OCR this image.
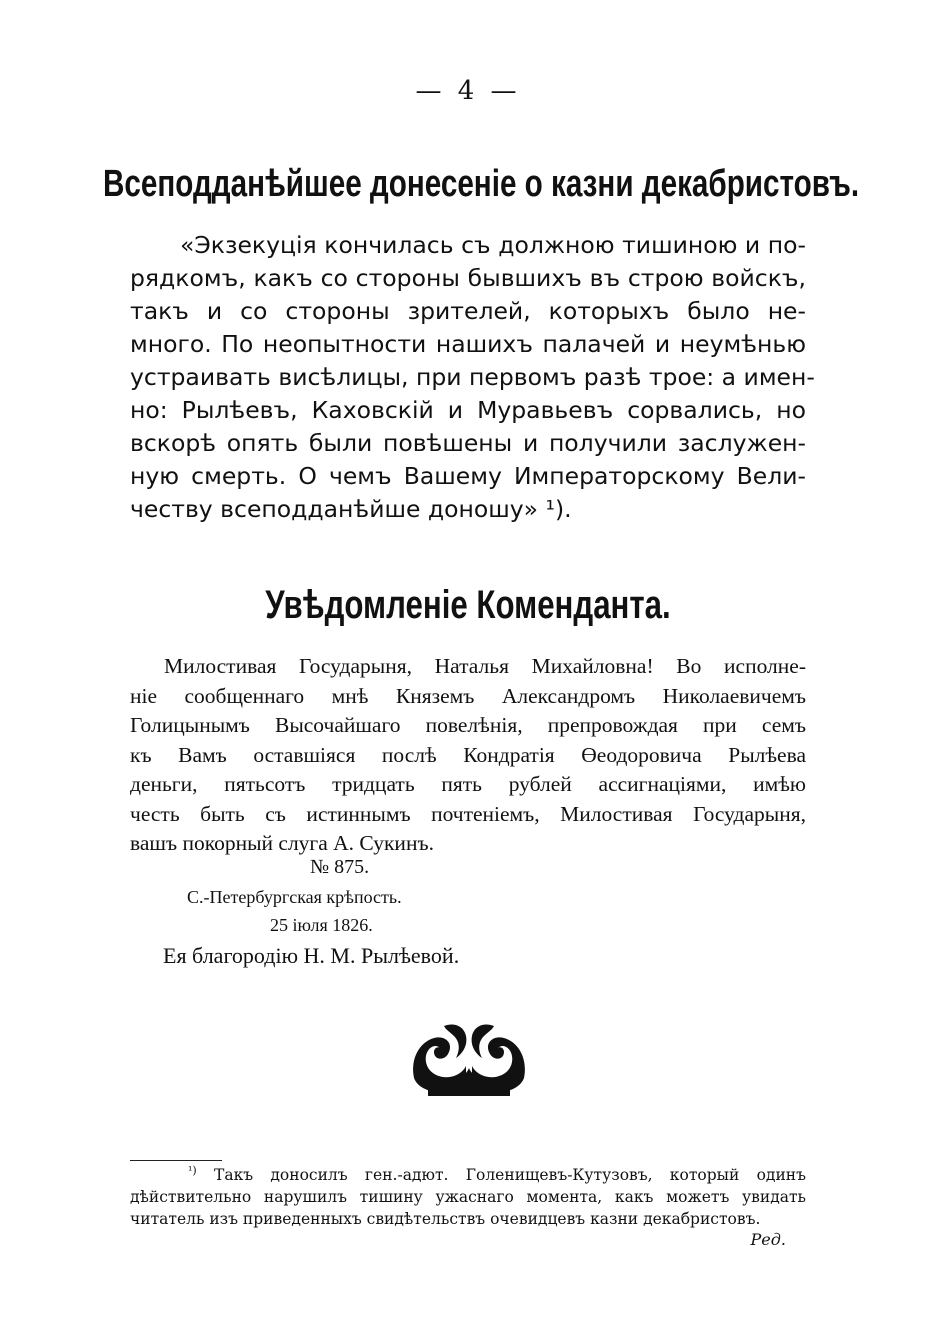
— 4 —
Всеподданѣйшее донесеніе о казни декабристовъ.
«Экзекуція кончилась съ должною тишиною и по-
рядкомъ, какъ со стороны бывшихъ въ строю войскъ,
такъ и со стороны зрителей, которыхъ было не-
много. По неопытности нашихъ палачей и неумѣнью
устраивать висѣлицы, при первомъ разѣ трое: а имен-
но: Рылѣевъ, Каховскій и Муравьевъ сорвались, но
вскорѣ опять были повѣшены и получили заслужен-
ную смерть. О чемъ Вашему Императорскому Вели-
честву всеподданѣйше доношу» ¹).
Увѣдомленіе Коменданта.
Милостивая Государыня, Наталья Михайловна! Во исполне-
ніе сообщеннаго мнѣ Княземъ Александромъ Николаевичемъ
Голицынымъ Высочайшаго повелѣнія, препровождая при семъ
къ Вамъ оставшіяся послѣ Кондратія Өеодоровича Рылѣева
деньги, пятьсотъ тридцать пять рублей ассигнаціями, имѣю
честь быть съ истиннымъ почтеніемъ, Милостивая Государыня,
вашъ покорный слуга А. Сукинъ.
№ 875.
С.-Петербургская крѣпость.
25 іюля 1826.
Ея благородію Н. М. Рылѣевой.
$^{^1)}$ Такъ доносилъ ген.-адют. Голенищевъ-Кутузовъ, который одинъ
дѣйствительно нарушилъ тишину ужаснаго момента, какъ можетъ увидать
читатель изъ приведенныхъ свидѣтельствъ очевидцевъ казни декабристовъ.
Ред.
